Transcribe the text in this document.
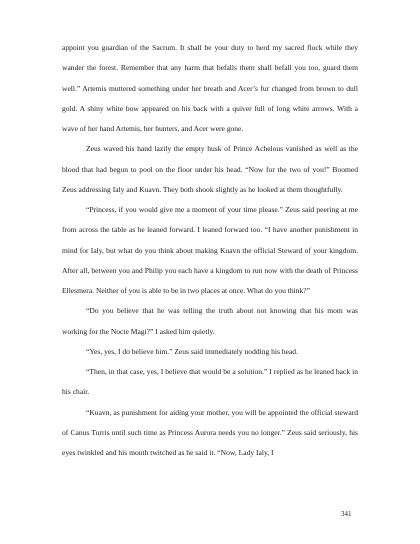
appoint you guardian of the Sacrum. It shall be your duty to herd my sacred flock while they wander the forest. Remember that any harm that befalls them shall befall you too, guard them well.” Artemis muttered something under her breath and Acer’s fur changed from brown to dull gold. A shiny white bow appeared on his back with a quiver full of long white arrows. With a wave of her hand Artemis, her hunters, and Acer were gone.

Zeus waved his hand lazily the empty husk of Prince Achelous vanished as well as the blood that had begun to pool on the floor under his head. “Now for the two of you!” Boomed Zeus addressing Ialy and Kuavn. They both shook slightly as he looked at them thoughtfully.

“Princess, if you would give me a moment of your time please.” Zeus said peering at me from across the table as he leaned forward. I leaned forward too. “I have another punishment in mind for Ialy, but what do you think about making Kuavn the official Steward of your kingdom. After all, between you and Philip you each have a kingdom to run now with the death of Princess Ellesmera. Neither of you is able to be in two places at once. What do you think?”

“Do you believe that he was telling the truth about not knowing that his mom was working for the Nocte Magi?” I asked him quietly.

“Yes, yes, I do believe him.” Zeus said immediately nodding his head.

“Then, in that case, yes, I believe that would be a solution.” I replied as he leaned back in his chair.

“Kuavn, as punishment for aiding your mother, you will be appointed the official steward of Canus Turris until such time as Princess Aurora needs you no longer.” Zeus said seriously, his eyes twinkled and his mouth twitched as he said it. “Now, Lady Ialy, I

341
